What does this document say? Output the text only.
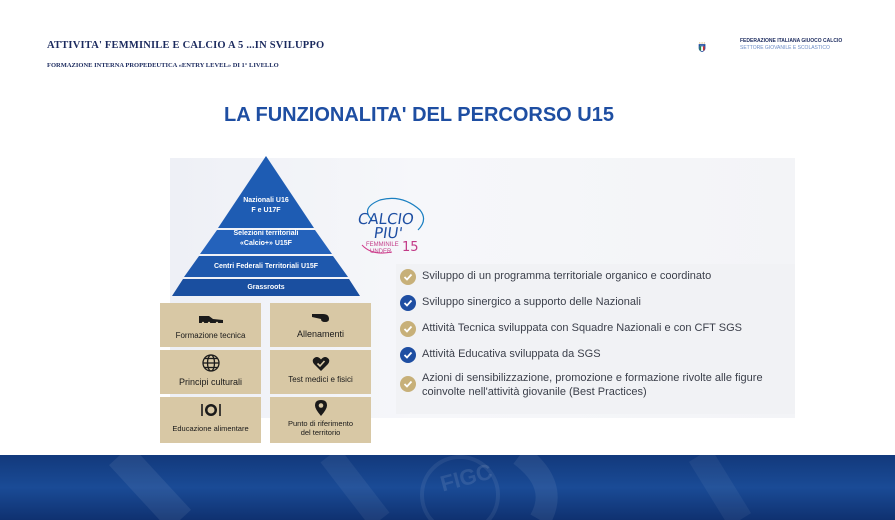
ATTIVITA' FEMMINILE E CALCIO A 5 ...IN SVILUPPO
FORMAZIONE INTERNA PROPEDEUTICA «ENTRY LEVEL» DI 1° LIVELLO
ITALIA
FEDERAZIONE ITALIANA GIUOCO CALCIO
SETTORE GIOVANILE E SCOLASTICO
LA FUNZIONALITA' DEL PERCORSO U15
Nazionali U16
F e U17F
Selezioni territoriali
«Calcio+» U15F
Centri Federali Territoriali U15F
Grassroots
Formazione tecnica	Allenamenti
Principi culturali	Test medici e fisici
Educazione alimentare
Punto di riferimento del territorio
CALCIO
PIU'
FEMMINILE
UNDER 15
Sviluppo di un programma territoriale organico e coordinato
Sviluppo sinergico a supporto delle Nazionali
Attività Tecnica sviluppata con Squadre Nazionali e con CFT SGS
Attività Educativa sviluppata da SGS
Azioni di sensibilizzazione, promozione e formazione rivolte alle figure coinvolte nell'attività giovanile (Best Practices)
FIGC
